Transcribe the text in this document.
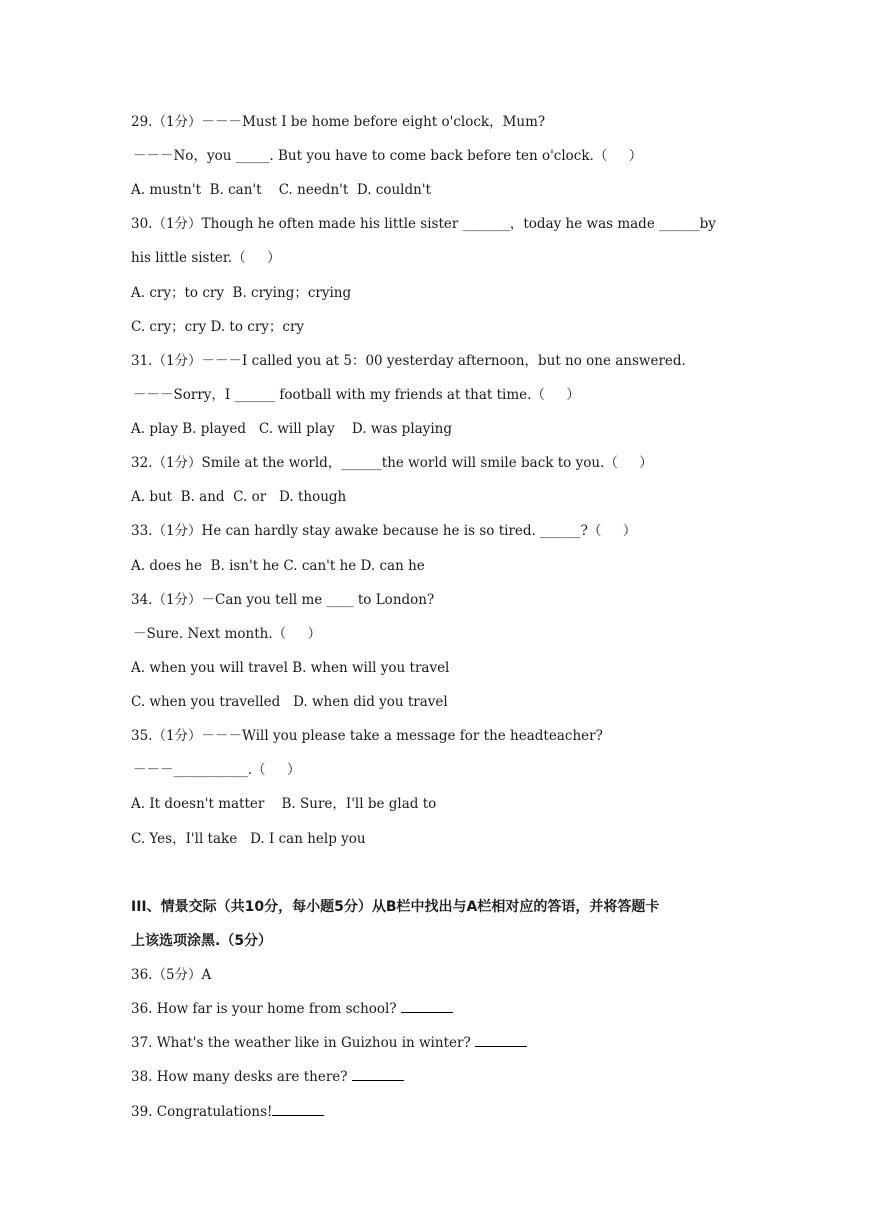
29.（1分）－－－Must I be home before eight o'clock，Mum?
－－－No，you _____. But you have to come back before ten o'clock.（     ）
A. mustn't  B. can't    C. needn't  D. couldn't
30.（1分）Though he often made his little sister _______，today he was made ______by
his little sister.（     ）
A. cry；to cry  B. crying；crying
C. cry；cry D. to cry；cry
31.（1分）－－－I called you at 5：00 yesterday afternoon，but no one answered.
－－－Sorry，I ______ football with my friends at that time.（     ）
A. play B. played   C. will play    D. was playing
32.（1分）Smile at the world，______the world will smile back to you.（     ）
A. but  B. and  C. or   D. though
33.（1分）He can hardly stay awake because he is so tired. ______?（     ）
A. does he  B. isn't he C. can't he D. can he
34.（1分）－Can you tell me ____ to London?
－Sure. Next month.（     ）
A. when you will travel B. when will you travel
C. when you travelled   D. when did you travel
35.（1分）－－－Will you please take a message for the headteacher?
－－－___________.（     ）
A. It doesn't matter    B. Sure，I'll be glad to
C. Yes，I'll take   D. I can help you
III、情景交际（共10分，每小题5分）从B栏中找出与A栏相对应的答语，并将答题卡
上该选项涂黑.（5分）
36.（5分）A
36. How far is your home from school?
37. What's the weather like in Guizhou in winter?
38. How many desks are there?
39. Congratulations!
